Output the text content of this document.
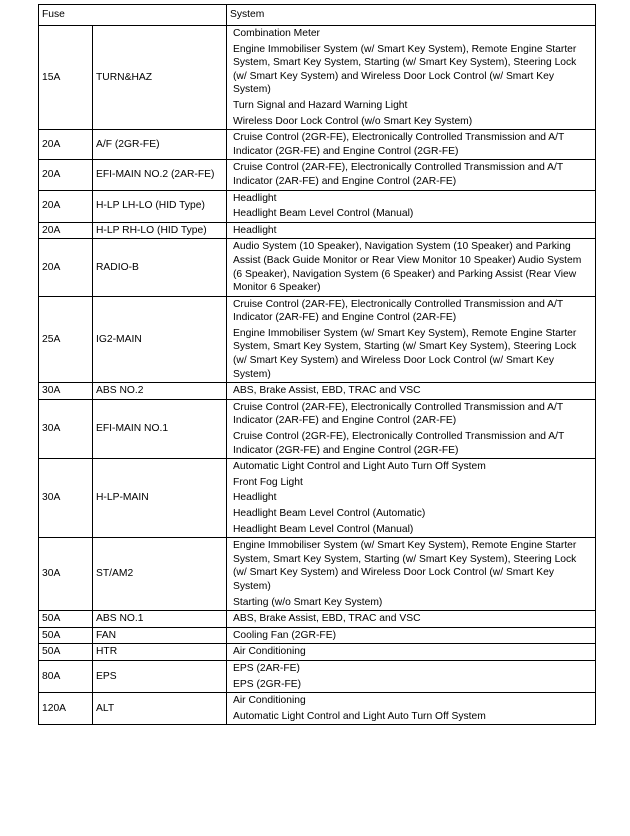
Fuse		System
15A	TURN&HAZ	Combination Meter
Engine Immobiliser System (w/ Smart Key System), Remote Engine Starter System, Smart Key System, Starting (w/ Smart Key System), Steering Lock (w/ Smart Key System) and Wireless Door Lock Control (w/ Smart Key System)
Turn Signal and Hazard Warning Light
Wireless Door Lock Control (w/o Smart Key System)

20A	A/F (2GR-FE)	Cruise Control (2GR-FE), Electronically Controlled Transmission and A/T Indicator (2GR-FE) and Engine Control (2GR-FE)

20A	EFI-MAIN NO.2 (2AR-FE)	Cruise Control (2AR-FE), Electronically Controlled Transmission and A/T Indicator (2AR-FE) and Engine Control (2AR-FE)

20A	H-LP LH-LO (HID Type)	Headlight
Headlight Beam Level Control (Manual)

20A	H-LP RH-LO (HID Type)	Headlight

20A	RADIO-B	Audio System (10 Speaker), Navigation System (10 Speaker) and Parking Assist (Back Guide Monitor or Rear View Monitor 10 Speaker) Audio System (6 Speaker), Navigation System (6 Speaker) and Parking Assist (Rear View Monitor 6 Speaker)

25A	IG2-MAIN	Cruise Control (2AR-FE), Electronically Controlled Transmission and A/T Indicator (2AR-FE) and Engine Control (2AR-FE)
Engine Immobiliser System (w/ Smart Key System), Remote Engine Starter System, Smart Key System, Starting (w/ Smart Key System), Steering Lock (w/ Smart Key System) and Wireless Door Lock Control (w/ Smart Key System)

30A	ABS NO.2	ABS, Brake Assist, EBD, TRAC and VSC

30A	EFI-MAIN NO.1	Cruise Control (2AR-FE), Electronically Controlled Transmission and A/T Indicator (2AR-FE) and Engine Control (2AR-FE)
Cruise Control (2GR-FE), Electronically Controlled Transmission and A/T Indicator (2GR-FE) and Engine Control (2GR-FE)

30A	H-LP-MAIN	Automatic Light Control and Light Auto Turn Off System
Front Fog Light
Headlight
Headlight Beam Level Control (Automatic)
Headlight Beam Level Control (Manual)

30A	ST/AM2	Engine Immobiliser System (w/ Smart Key System), Remote Engine Starter System, Smart Key System, Starting (w/ Smart Key System), Steering Lock (w/ Smart Key System) and Wireless Door Lock Control (w/ Smart Key System)
Starting (w/o Smart Key System)

50A	ABS NO.1	ABS, Brake Assist, EBD, TRAC and VSC

50A	FAN	Cooling Fan (2GR-FE)

50A	HTR	Air Conditioning

80A	EPS	EPS (2AR-FE)
EPS (2GR-FE)

120A	ALT	Air Conditioning
Automatic Light Control and Light Auto Turn Off System
